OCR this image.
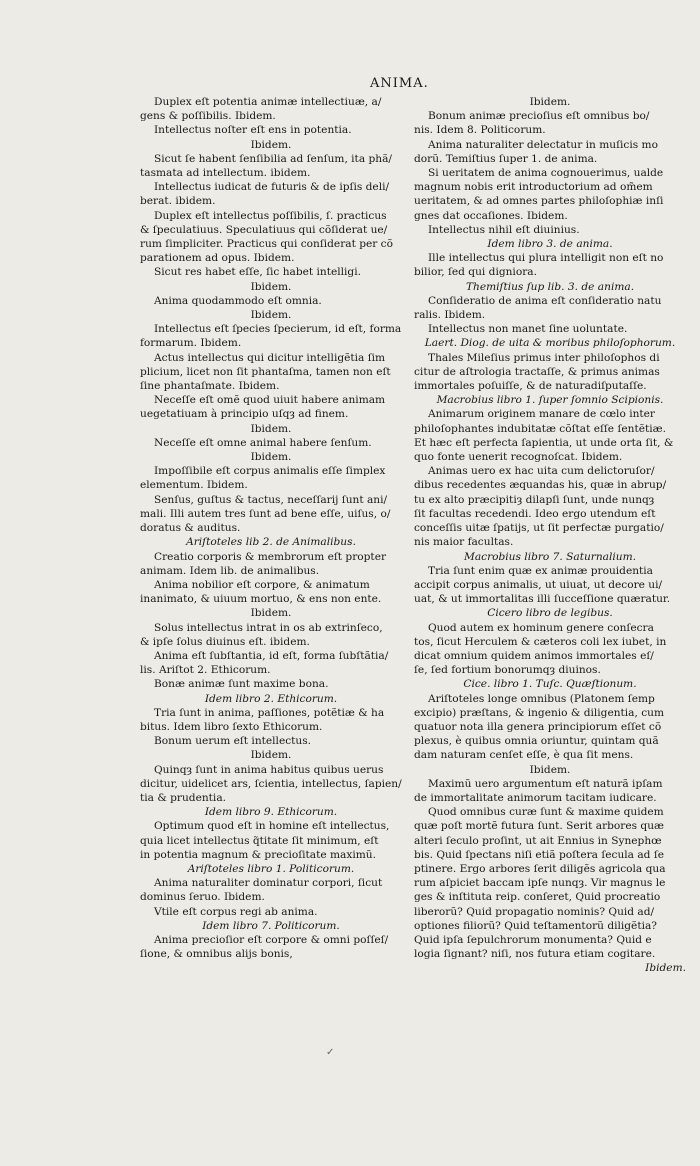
ANIMA.
Duplex eſt potentia animæ intellectiuæ, a/
gens & poſſibilis. Ibidem.
Intellectus noſter eſt ens in potentia.
Ibidem.
Sicut ſe habent ſenſibilia ad ſenſum, ita phã/
tasmata ad intellectum. ibidem.
Intellectus iudicat de futuris & de ipſis deli/
berat. ibidem.
Duplex eſt intellectus poſſibilis, ſ. practicus
& ſpeculatiuus. Speculatiuus qui cõſiderat ue/
rum ſimpliciter. Practicus qui conſiderat per cõ
parationem ad opus. Ibidem.
Sicut res habet eſſe, ſic habet intelligi.
Ibidem.
Anima quodammodo eſt omnia.
Ibidem.
Intellectus eſt ſpecies ſpecierum, id eſt, forma
formarum. Ibidem.
Actus intellectus qui dicitur intelligẽtia ſim
plicium, licet non ſit phantaſma, tamen non eſt
ſine phantaſmate. Ibidem.
Neceſſe eſt omẽ quod uiuit habere animam
uegetatiuam à principio uſqȝ ad finem.
Ibidem.
Neceſſe eſt omne animal habere ſenſum.
Ibidem.
Impoſſibile eſt corpus animalis eſſe ſimplex
elementum. Ibidem.
Senſus, guſtus & tactus, neceſſarij ſunt ani/
mali. Illi autem tres ſunt ad bene eſſe, uiſus, o/
doratus & auditus.
Ariſtoteles lib 2. de Animalibus.
Creatio corporis & membrorum eſt propter
animam. Idem lib. de animalibus.
Anima nobilior eſt corpore, & animatum
inanimato, & uiuum mortuo, & ens non ente.
Ibidem.
Solus intellectus intrat in os ab extrinſeco,
& ipſe ſolus diuinus eſt. ibidem.
Anima eſt ſubſtantia, id eſt, forma ſubſtãtia/
lis. Ariſtot 2. Ethicorum.
Bonæ animæ ſunt maxime bona.
Idem libro 2. Ethicorum.
Tria ſunt in anima, paſſiones, potẽtiæ & ha
bitus. Idem libro ſexto Ethicorum.
Bonum uerum eſt intellectus.
Ibidem.
Quinqȝ ſunt in anima habitus quibus uerus
dicitur, uidelicet ars, ſcientia, intellectus, ſapien/
tia & prudentia.
Idem libro 9. Ethicorum.
Optimum quod eſt in homine eſt intellectus,
quia licet intellectus q̃titate ſit minimum, eſt
in potentia magnum & precioſitate maximũ.
Ariſtoteles libro 1. Politicorum.
Anima naturaliter dominatur corpori, ſicut
dominus ſeruo. Ibidem.
Vtile eſt corpus regi ab anima.
Idem libro 7. Politicorum.
Anima precioſior eſt corpore & omni poſſeſ/
ſione, & omnibus alijs bonis,
Ibidem.
Bonum animæ precioſius eſt omnibus bo/
nis. Idem 8. Politicorum.
Anima naturaliter delectatur in muſicis mo
dorũ. Temiſtius ſuper 1. de anima.
Si ueritatem de anima cognouerimus, ualde
magnum nobis erit introductorium ad om̃em
ueritatem, & ad omnes partes philoſophiæ inſi
gnes dat occaſiones. Ibidem.
Intellectus nihil eſt diuinius.
Idem libro 3. de anima.
Ille intellectus qui plura intelligit non eſt no
bilior, ſed qui digniora.
Themiſtius ſup lib. 3. de anima.
Conſideratio de anima eſt conſideratio natu
ralis. Ibidem.
Intellectus non manet ſine uoluntate.
Laert. Diog. de uita & moribus philoſophorum.
Thales Mileſius primus inter philoſophos di
citur de aſtrologia tractaſſe, & primus animas
immortales poſuiſſe, & de naturadiſputaſſe.
Macrobius libro 1. ſuper ſomnio Scipionis.
Animarum originem manare de cœlo inter
philoſophantes indubitatæ cõſtat eſſe ſentẽtiæ.
Et hæc eſt perfecta ſapientia, ut unde orta ſit, &
quo fonte uenerit recognoſcat. Ibidem.
Animas uero ex hac uita cum delictoruſor/
dibus recedentes æquandas his, quæ in abrup/
tu ex alto præcipitiȝ dilapſi ſunt, unde nunqȝ
ſit facultas recedendi. Ideo ergo utendum eſt
conceſſis uitæ ſpatijs, ut ſit perfectæ purgatio/
nis maior facultas.
Macrobius libro 7. Saturnalium.
Tria ſunt enim quæ ex animæ prouidentia
accipit corpus animalis, ut uiuat, ut decore ui/
uat, & ut immortalitas illi ſucceſſione quæratur.
Cicero libro de legibus.
Quod autem ex hominum genere conſecra
tos, ſicut Herculem & cæteros coli lex iubet, in
dicat omnium quidem animos immortales eſ/
ſe, ſed fortium bonorumqȝ diuinos.
Cice. libro 1. Tuſc. Quæſtionum.
Ariſtoteles longe omnibus (Platonem ſemp
excipio) præſtans, & ingenio & diligentia, cum
quatuor nota illa genera principiorum eſſet cõ
plexus, è quibus omnia oriuntur, quintam quã
dam naturam cenſet eſſe, è qua ſit mens.
Ibidem.
Maximũ uero argumentum eſt naturã ipſam
de immortalitate animorum tacitam iudicare.
Quod omnibus curæ ſunt & maxime quidem
quæ poſt mortẽ futura ſunt. Serit arbores quæ
alteri ſeculo proſint, ut ait Ennius in Synephœ
bis. Quid ſpectans niſi etiã poſtera ſecula ad ſe
ptinere. Ergo arbores ſerit diligẽs agricola qua
rum aſpiciet baccam ipſe nunqȝ. Vir magnus le
ges & inſtituta reip. conſeret, Quid procreatio
liberorũ? Quid propagatio nominis? Quid ad/
optiones filiorũ? Quid teſtamentorũ diligẽtia?
Quid ipſa ſepulchrorum monumenta? Quid e
logia ſignant? niſi, nos futura etiam cogitare.
Ibidem.
✓
